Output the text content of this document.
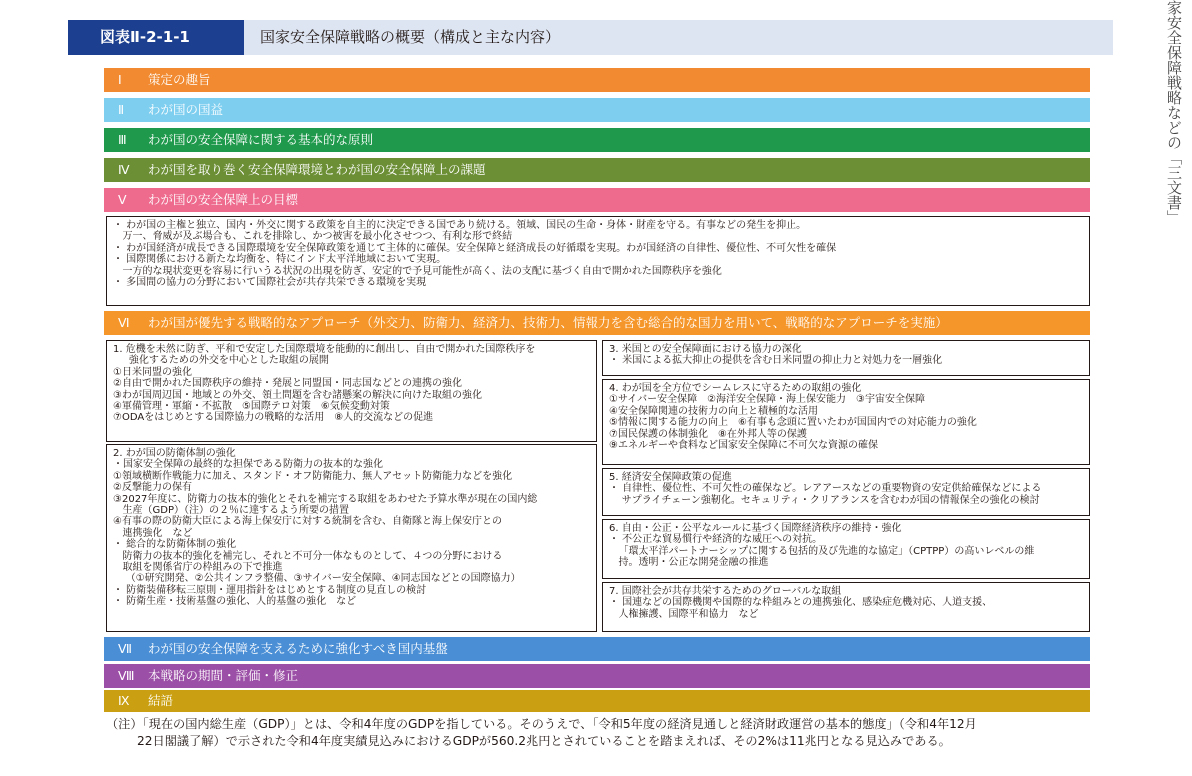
図表Ⅱ-2-1-1	国家安全保障戦略の概要（構成と主な内容）	家安全保障戦略などの「三文書」
Ⅰ 策定の趣旨
Ⅱ わが国の国益
Ⅲ わが国の安全保障に関する基本的な原則
Ⅳ わが国を取り巻く安全保障環境とわが国の安全保障上の課題
Ⅴ わが国の安全保障上の目標
・ わが国の主権と独立、国内・外交に関する政策を自主的に決定できる国であり続ける。領域、国民の生命・身体・財産を守る。有事などの発生を抑止。
万一、脅威が及ぶ場合も、これを排除し、かつ被害を最小化させつつ、有利な形で終結
・ わが国経済が成長できる国際環境を安全保障政策を通じて主体的に確保。安全保障と経済成長の好循環を実現。わが国経済の自律性、優位性、不可欠性を確保
・ 国際関係における新たな均衡を、特にインド太平洋地域において実現。
一方的な現状変更を容易に行いうる状況の出現を防ぎ、安定的で予見可能性が高く、法の支配に基づく自由で開かれた国際秩序を強化
・ 多国間の協力の分野において国際社会が共存共栄できる環境を実現
Ⅵ わが国が優先する戦略的なアプローチ（外交力、防衛力、経済力、技術力、情報力を含む総合的な国力を用いて、戦略的なアプローチを実施）
1. 危機を未然に防ぎ、平和で安定した国際環境を能動的に創出し、自由で開かれた国際秩序を
強化するための外交を中心とした取組の展開
①日米同盟の強化
②自由で開かれた国際秩序の維持・発展と同盟国・同志国などとの連携の強化
③わが国周辺国・地域との外交、領土問題を含む諸懸案の解決に向けた取組の強化
④軍備管理・軍縮・不拡散　⑤国際テロ対策　⑥気候変動対策
⑦ODAをはじめとする国際協力の戦略的な活用　⑧人的交流などの促進
2. わが国の防衛体制の強化
・国家安全保障の最終的な担保である防衛力の抜本的な強化
①領域横断作戦能力に加え、スタンド・オフ防衛能力、無人アセット防衛能力などを強化
②反撃能力の保有
③2027年度に、防衛力の抜本的強化とそれを補完する取組をあわせた予算水準が現在の国内総
生産（GDP）（注）の２％に達するよう所要の措置
④有事の際の防衛大臣による海上保安庁に対する統制を含む、自衛隊と海上保安庁との
連携強化　など
・ 総合的な防衛体制の強化
防衛力の抜本的強化を補完し、それと不可分一体なものとして、４つの分野における
取組を関係省庁の枠組みの下で推進
（①研究開発、②公共インフラ整備、③サイバー安全保障、④同志国などとの国際協力）
・ 防衛装備移転三原則・運用指針をはじめとする制度の見直しの検討
・ 防衛生産・技術基盤の強化、人的基盤の強化　など
3. 米国との安全保障面における協力の深化
・ 米国による拡大抑止の提供を含む日米同盟の抑止力と対処力を一層強化
4. わが国を全方位でシームレスに守るための取組の強化
①サイバー安全保障　②海洋安全保障・海上保安能力　③宇宙安全保障
④安全保障関連の技術力の向上と積極的な活用
⑤情報に関する能力の向上　⑥有事も念頭に置いたわが国国内での対応能力の強化
⑦国民保護の体制強化　⑧在外邦人等の保護
⑨エネルギーや食料など国家安全保障に不可欠な資源の確保
5. 経済安全保障政策の促進
・ 自律性、優位性、不可欠性の確保など。レアアースなどの重要物資の安定供給確保などによる
サプライチェーン強靭化。セキュリティ・クリアランスを含むわが国の情報保全の強化の検討
6. 自由・公正・公平なルールに基づく国際経済秩序の維持・強化
・ 不公正な貿易慣行や経済的な威圧への対抗。
「環太平洋パートナーシップに関する包括的及び先進的な協定」（CPTPP）の高いレベルの維
持。透明・公正な開発金融の推進
7. 国際社会が共存共栄するためのグローバルな取組
・ 国連などの国際機関や国際的な枠組みとの連携強化、感染症危機対応、人道支援、
人権擁護、国際平和協力　など
Ⅶ わが国の安全保障を支えるために強化すべき国内基盤
Ⅷ 本戦略の期間・評価・修正
Ⅸ 結語
（注）「現在の国内総生産（GDP）」とは、令和4年度のGDPを指している。そのうえで、「令和5年度の経済見通しと経済財政運営の基本的態度」（令和4年12月
22日閣議了解）で示された令和4年度実績見込みにおけるGDPが560.2兆円とされていることを踏まえれば、その2%は11兆円となる見込みである。
